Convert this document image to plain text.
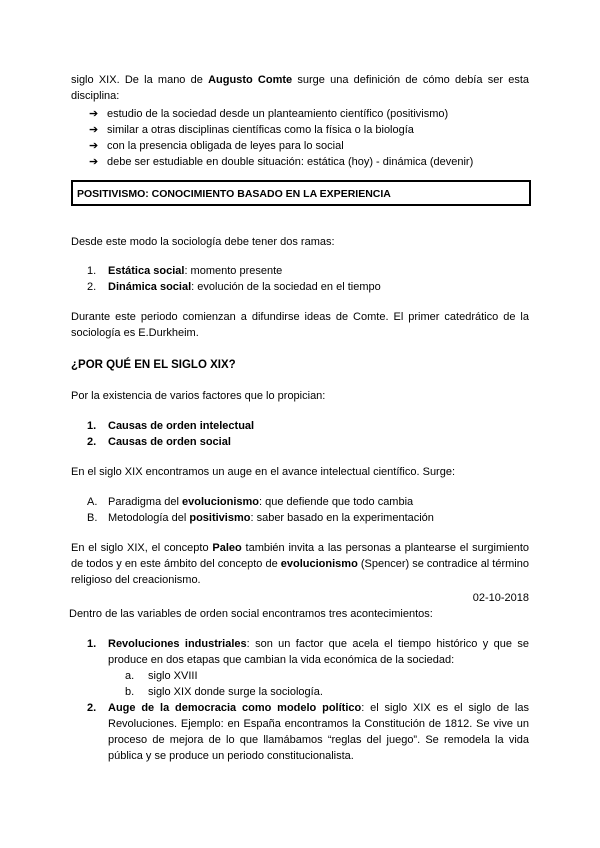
siglo XIX. De la mano de Augusto Comte surge una definición de cómo debía ser esta disciplina:

➔ estudio de la sociedad desde un planteamiento científico (positivismo)
➔ similar a otras disciplinas científicas como la física o la biología
➔ con la presencia obligada de leyes para lo social
➔ debe ser estudiable en double situación: estática (hoy) - dinámica (devenir)
POSITIVISMO: CONOCIMIENTO BASADO EN LA EXPERIENCIA

Desde este modo la sociología debe tener dos ramas:

1. Estática social: momento presente
2. Dinámica social: evolución de la sociedad en el tiempo

Durante este periodo comienzan a difundirse ideas de Comte. El primer catedrático de la sociología es E.Durkheim.

¿POR QUÉ EN EL SIGLO XIX?

Por la existencia de varios factores que lo propician:

1. Causas de orden intelectual
2. Causas de orden social

En el siglo XIX encontramos un auge en el avance intelectual científico. Surge:

A. Paradigma del evolucionismo: que defiende que todo cambia
B. Metodología del positivismo: saber basado en la experimentación

En el siglo XIX, el concepto Paleo también invita a las personas a plantearse el surgimiento de todos y en este ámbito del concepto de evolucionismo (Spencer) se contradice al término religioso del creacionismo.

02-10-2018

Dentro de las variables de orden social encontramos tres acontecimientos:

1. Revoluciones industriales: son un factor que acela el tiempo histórico y que se produce en dos etapas que cambian la vida económica de la sociedad:
a. siglo XVIII
b. siglo XIX donde surge la sociología.
2. Auge de la democracia como modelo político: el siglo XIX es el siglo de las Revoluciones. Ejemplo: en España encontramos la Constitución de 1812. Se vive un proceso de mejora de lo que llamábamos “reglas del juego”. Se remodela la vida pública y se produce un periodo constitucionalista.
